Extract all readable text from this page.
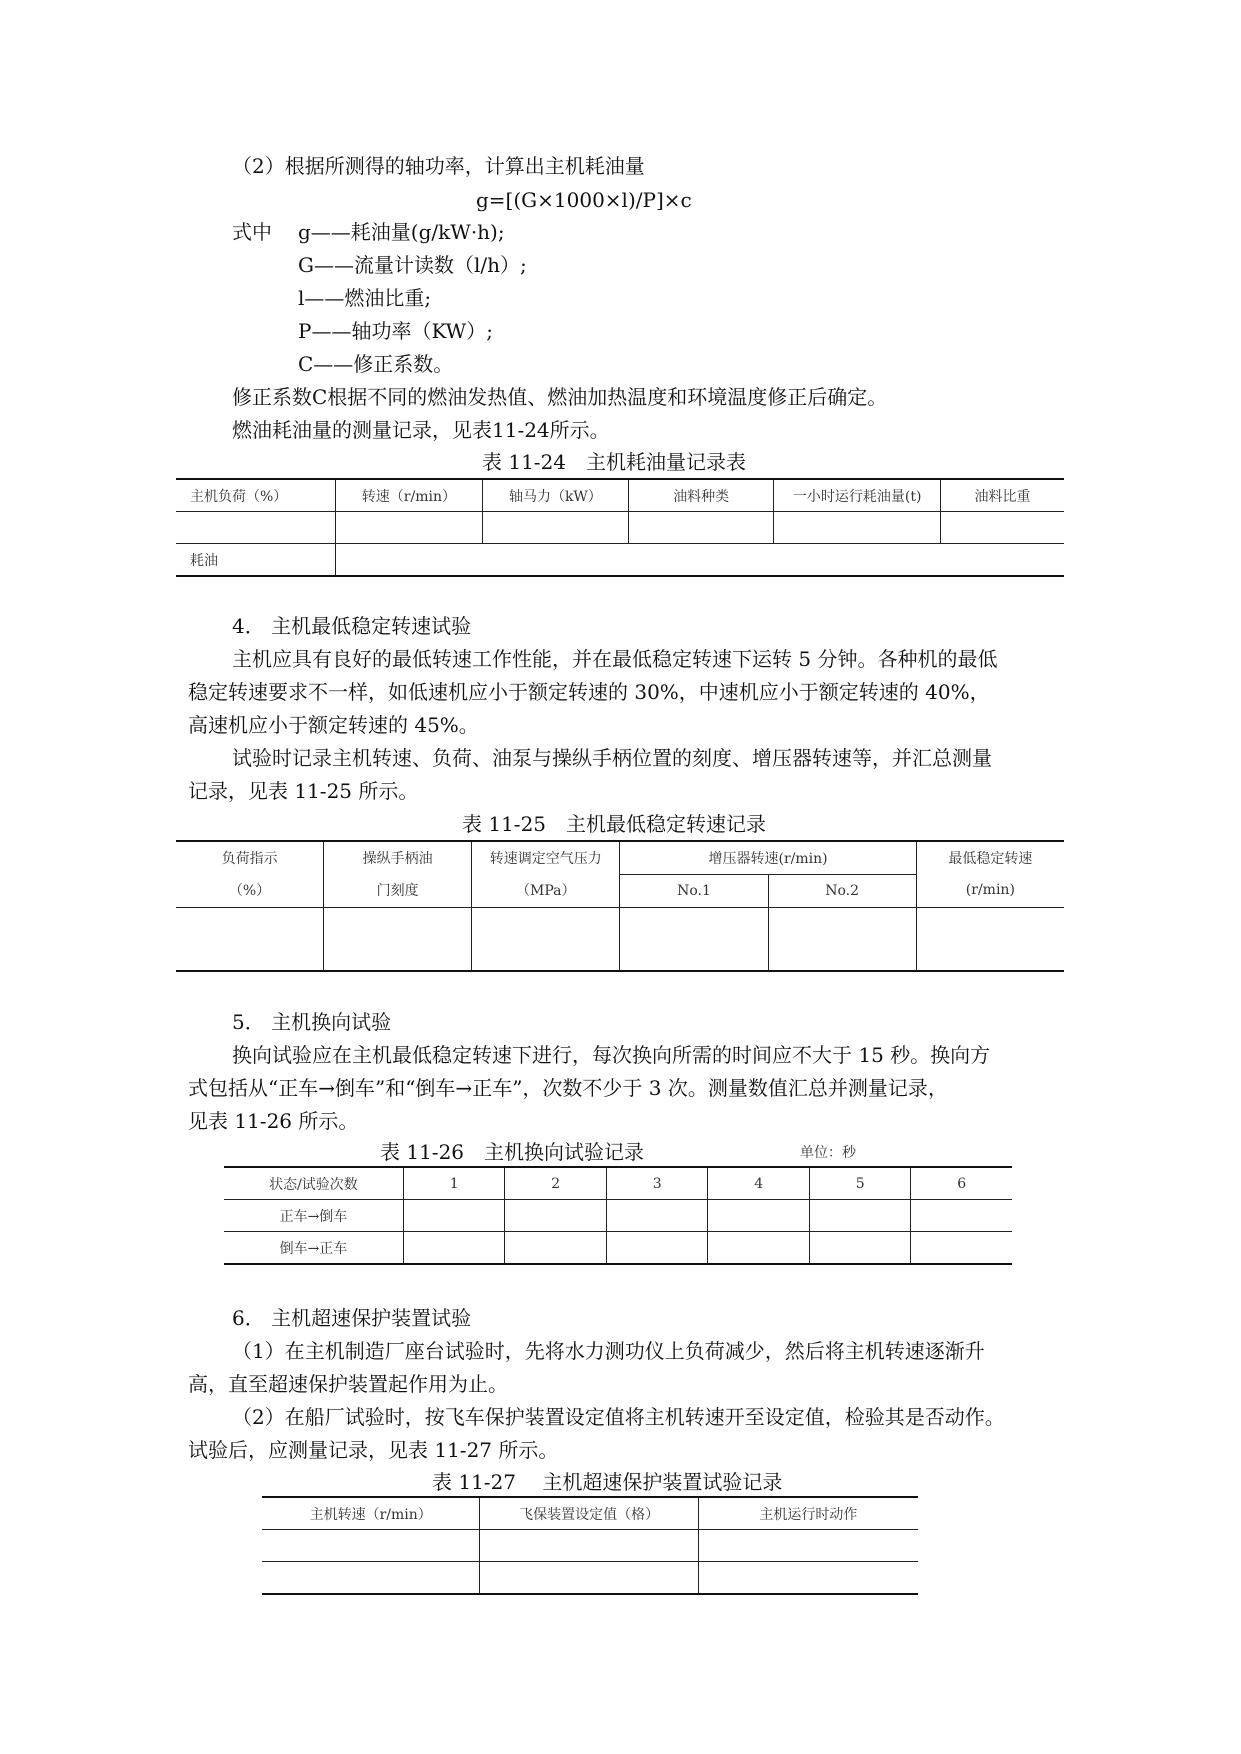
（2）根据所测得的轴功率，计算出主机耗油量
g=[(G×1000×l)/P]×c
式中 g——耗油量(g/kW·h);
G——流量计读数（l/h）;
l——燃油比重;
P——轴功率（KW）;
C——修正系数。
修正系数C根据不同的燃油发热值、燃油加热温度和环境温度修正后确定。
燃油耗油量的测量记录，见表11-24所示。
表 11-24　主机耗油量记录表
主机负荷（%）	转速（r/min）	轴马力（kW）	油料种类	一小时运行耗油量(t)	油料比重

耗油					
4． 主机最低稳定转速试验
主机应具有良好的最低转速工作性能，并在最低稳定转速下运转 5 分钟。各种机的最低
稳定转速要求不一样，如低速机应小于额定转速的 30%，中速机应小于额定转速的 40%，
高速机应小于额定转速的 45%。
试验时记录主机转速、负荷、油泵与操纵手柄位置的刻度、增压器转速等，并汇总测量
记录，见表 11-25 所示。
表 11-25　主机最低稳定转速记录
负荷指示	操纵手柄油	转速调定空气压力	增压器转速(r/min)		最低稳定转速
（%）	门刻度	（MPa）	No.1	No.2	(r/min)

5． 主机换向试验
换向试验应在主机最低稳定转速下进行，每次换向所需的时间应不大于 15 秒。换向方
式包括从“正车→倒车”和“倒车→正车”，次数不少于 3 次。测量数值汇总并测量记录，
见表 11-26 所示。
表 11-26　主机换向试验记录	单位：秒
状态/试验次数	1	2	3	4	5	6
正车→倒车						
倒车→正车						
6． 主机超速保护装置试验
（1）在主机制造厂座台试验时，先将水力测功仪上负荷减少，然后将主机转速逐渐升
高，直至超速保护装置起作用为止。
（2）在船厂试验时，按飞车保护装置设定值将主机转速开至设定值，检验其是否动作。
试验后，应测量记录，见表 11-27 所示。
表 11-27　 主机超速保护装置试验记录
主机转速（r/min）	飞保装置设定值（格）	主机运行时动作
